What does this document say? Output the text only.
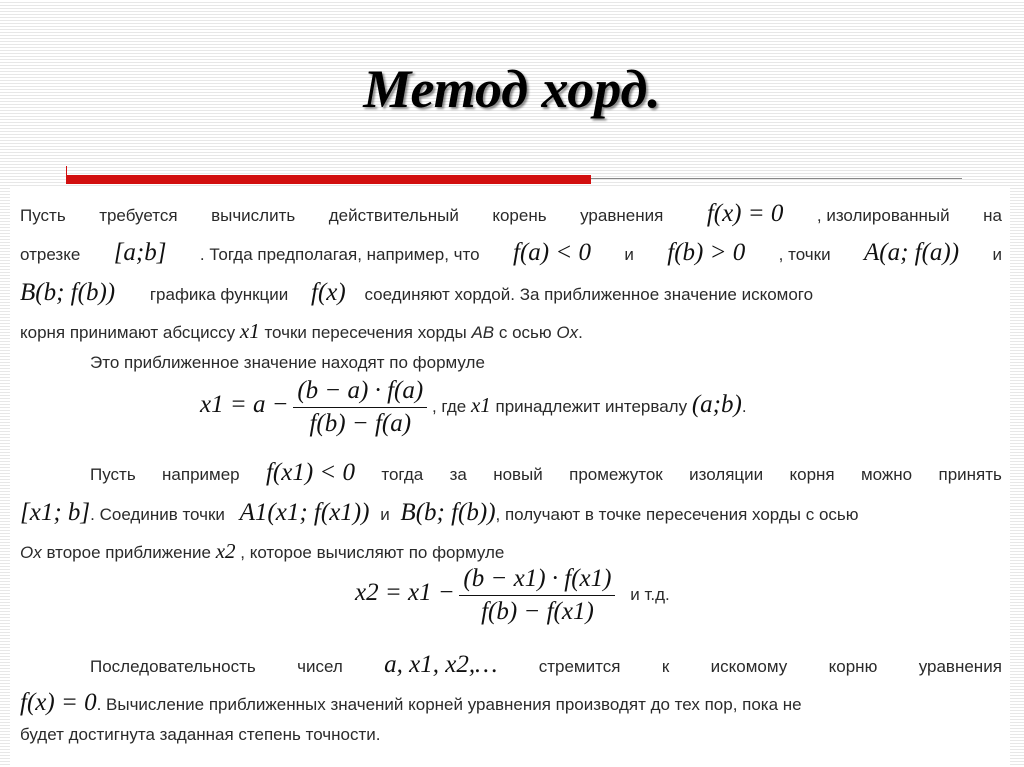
Метод хорд.
Пусть требуется вычислить действительный корень уравнения f(x) = 0 , изолированный на
отрезке [a;b] . Тогда предполагая, например, что f(a) < 0 и f(b) > 0 , точки A(a; f(a)) и
B(b; f(b)) графика функции f(x) соединяют хордой. За приближенное значение искомого
корня принимают абсциссу x1 точки пересечения хорды AB с осью Ox.
Это приближенное значение находят по формуле
$x1 = a - \frac{(b - a) \cdot f(a)}{f(b) - f(a)}$ , где x1 принадлежит интервалу (a;b).
Пусть например f(x1) < 0 тогда за новый промежуток изоляции корня можно принять
[x1; b]. Соединив точки A1(x1; f(x1)) и B(b; f(b)), получают в точке пересечения хорды с осью
Ox второе приближение x2 , которое вычисляют по формуле
$x2 = x1 - \frac{(b - x1) \cdot f(x1)}{f(b) - f(x1)}$ и т.д.
Последовательность чисел a, x1, x2,… стремится к искомому корню уравнения
f(x) = 0. Вычисление приближенных значений корней уравнения производят до тех пор, пока не
будет достигнута заданная степень точности.
